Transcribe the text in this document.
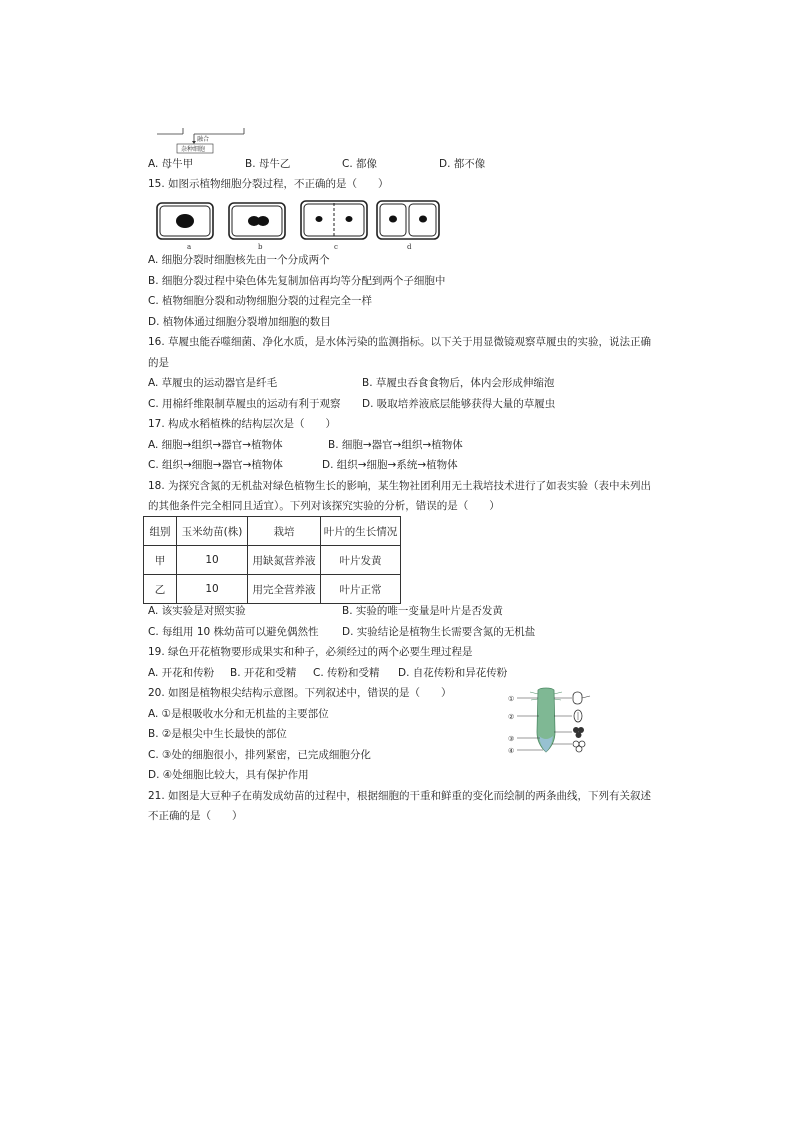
融合
杂种细胞
A. 母牛甲	B. 母牛乙	C. 都像	D. 都不像
15. 如图示植物细胞分裂过程，不正确的是（　　）
a	b	c	d
A. 细胞分裂时细胞核先由一个分成两个
B. 细胞分裂过程中染色体先复制加倍再均等分配到两个子细胞中
C. 植物细胞分裂和动物细胞分裂的过程完全一样
D. 植物体通过细胞分裂增加细胞的数目
16. 草履虫能吞噬细菌、净化水质，是水体污染的监测指标。以下关于用显微镜观察草履虫的实验，说法正确
的是
A. 草履虫的运动器官是纤毛	B. 草履虫吞食食物后，体内会形成伸缩泡
C. 用棉纤维限制草履虫的运动有利于观察 D. 吸取培养液底层能够获得大量的草履虫
17. 构成水稻植株的结构层次是（　　）
A. 细胞→组织→器官→植物体	B. 细胞→器官→组织→植物体
C. 组织→细胞→器官→植物体	D. 组织→细胞→系统→植物体
18. 为探究含氮的无机盐对绿色植物生长的影响，某生物社团利用无土栽培技术进行了如表实验（表中未列出
的其他条件完全相同且适宜）。下列对该探究实验的分析，错误的是（　　）
组别	玉米幼苗(株)	栽培	叶片的生长情况
甲	10	用缺氮营养液	叶片发黄
乙	10	用完全营养液	叶片正常
A. 该实验是对照实验	B. 实验的唯一变量是叶片是否发黄
C. 每组用 10 株幼苗可以避免偶然性 D. 实验结论是植物生长需要含氮的无机盐
19. 绿色开花植物要形成果实和种子，必须经过的两个必要生理过程是
A. 开花和传粉 B. 开花和受精 C. 传粉和受精 D. 自花传粉和异花传粉
20. 如图是植物根尖结构示意图。下列叙述中，错误的是（　　）
A. ①是根吸收水分和无机盐的主要部位
B. ②是根尖中生长最快的部位
C. ③处的细胞很小，排列紧密，已完成细胞分化
D. ④处细胞比较大，具有保护作用
①
②
③
④
21. 如图是大豆种子在萌发成幼苗的过程中，根据细胞的干重和鲜重的变化而绘制的两条曲线，下列有关叙述
不正确的是（　　）
